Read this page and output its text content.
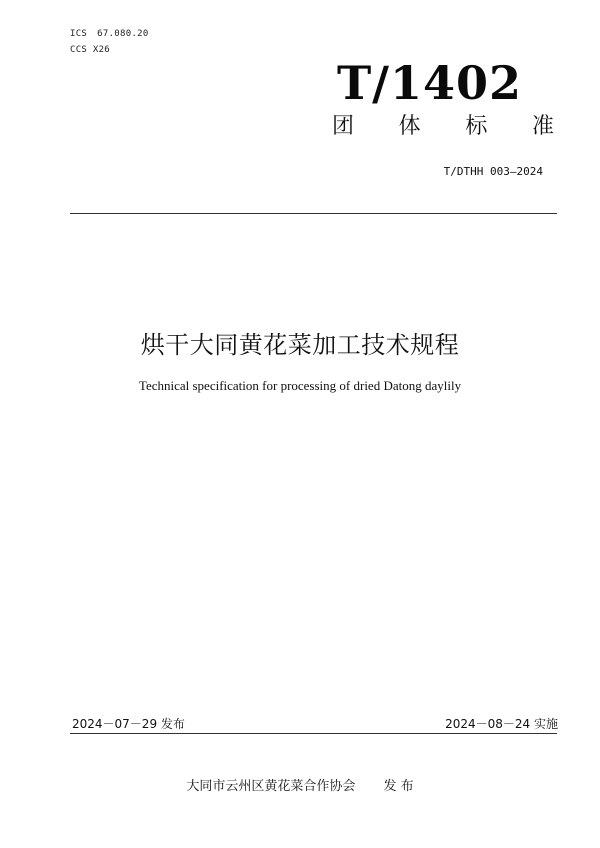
ICS 67.080.20
CCS X26
T/1402
团 体 标 准
T/DTHH 003—2024
烘干大同黄花菜加工技术规程
Technical specification for processing of dried Datong daylily
2024－07－29 发布	2024－08－24 实施
大同市云州区黄花菜合作协会 发 布
